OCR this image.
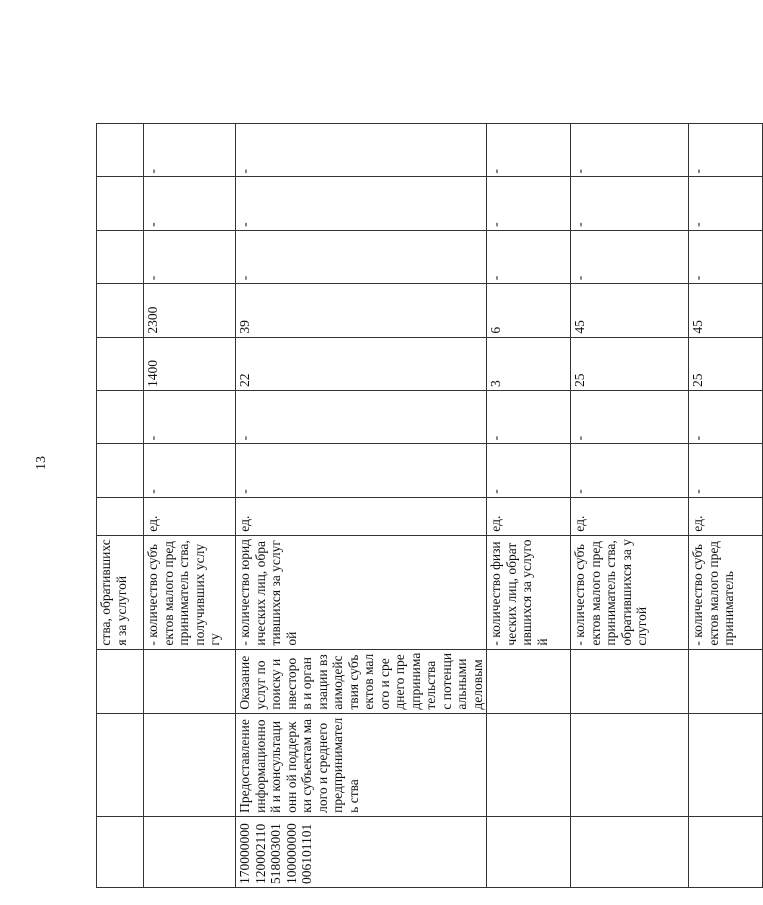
13
			ства, обратившихся за услугой								
			- количество субъектов малого предприниматель ства, получивших услугу	ед.	-	-	1400	2300	-	-	-
170000000 120002110 518003001 100000000 006101101	Предоставление информационно й и консультационн ой поддержки субъектам малого и среднего предприниматель ства	Оказание услуг по поиску инвесторов и организации взаимодействия субъектов малого и среднего предпринимательства с потенциальными деловым	- количество юридических лиц, обратившихся за услугой	ед.	-	-	22	39	-	-	-
			- количество физических лиц, обратившихся за услугой	ед.	-	-	3	6	-	-	-
			- количество субъектов малого предприниматель ства, обратившихся за услугой	ед.	-	-	25	45	-	-	-
			- количество субъектов малого предприниматель	ед.	-	-	25	45	-	-	-
